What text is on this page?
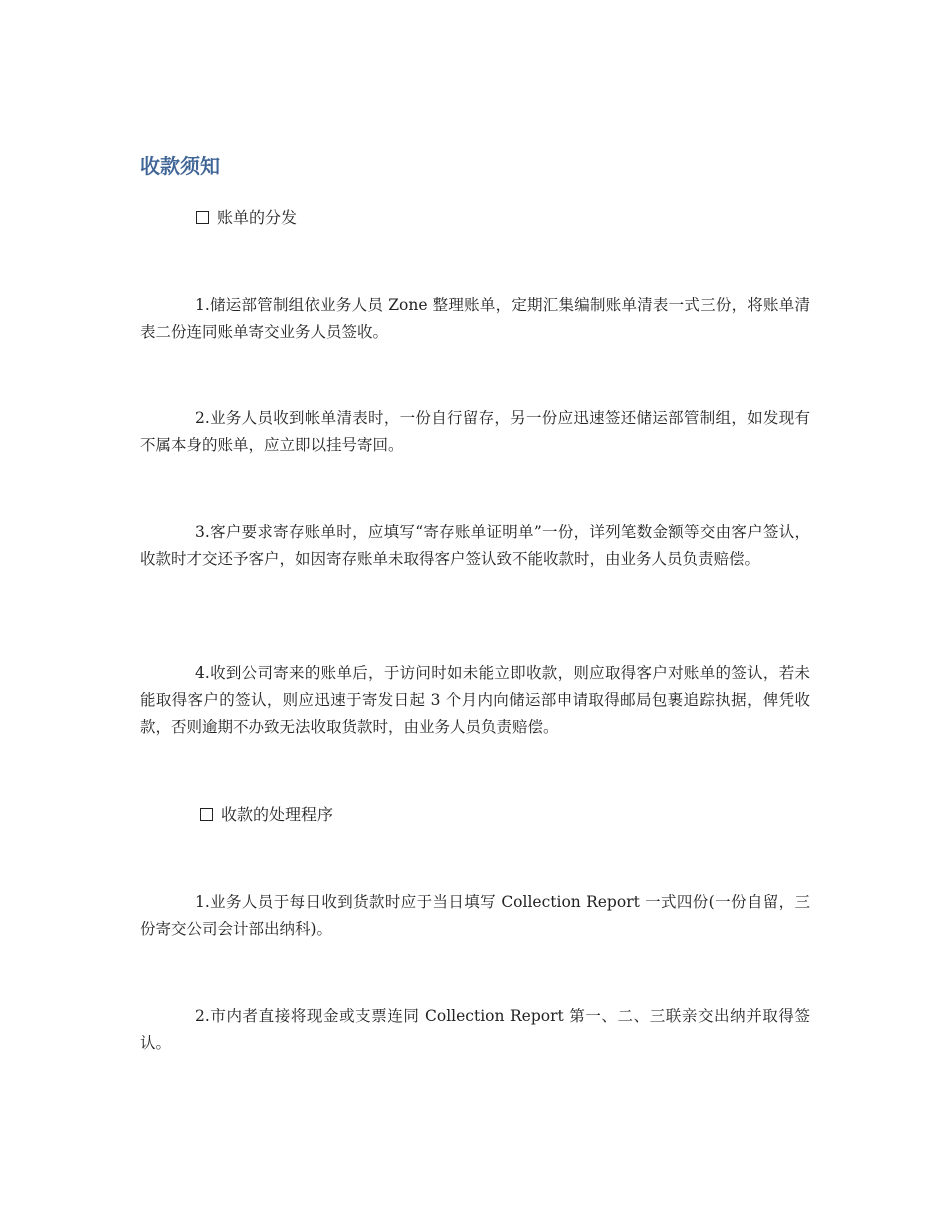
收款须知
账单的分发

1.储运部管制组依业务人员 Zone 整理账单，定期汇集编制账单清表一式三份，将账单清表二份连同账单寄交业务人员签收。

2.业务人员收到帐单清表时，一份自行留存，另一份应迅速签还储运部管制组，如发现有不属本身的账单，应立即以挂号寄回。

3.客户要求寄存账单时，应填写“寄存账单证明单”一份，详列笔数金额等交由客户签认，收款时才交还予客户，如因寄存账单未取得客户签认致不能收款时，由业务人员负责赔偿。

4.收到公司寄来的账单后，于访问时如未能立即收款，则应取得客户对账单的签认，若未能取得客户的签认，则应迅速于寄发日起 3 个月内向储运部申请取得邮局包裹追踪执据，俾凭收款，否则逾期不办致无法收取货款时，由业务人员负责赔偿。

收款的处理程序

1.业务人员于每日收到货款时应于当日填写 Collection Report 一式四份(一份自留，三份寄交公司会计部出纳科)。

2.市内者直接将现金或支票连同 Collection Report 第一、二、三联亲交出纳并取得签认。
